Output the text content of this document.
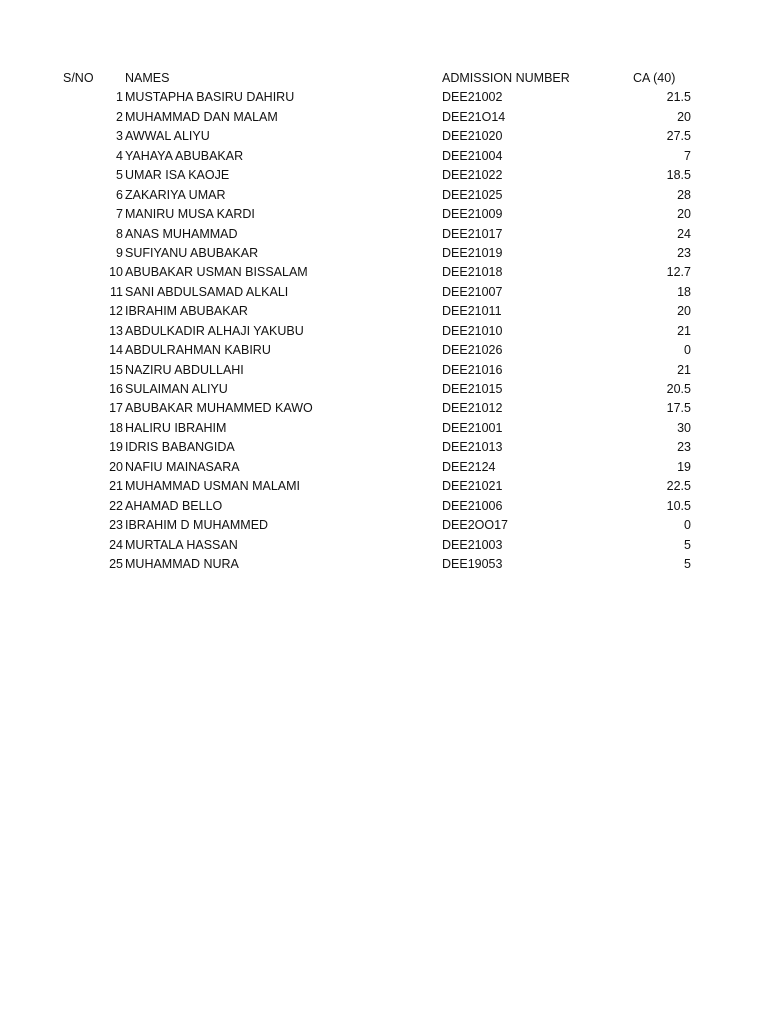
S/NO	NAMES	ADMISSION NUMBER	CA (40)
1 MUSTAPHA BASIRU DAHIRU	DEE21002	21.5
2 MUHAMMAD DAN MALAM	DEE21O14	20
3 AWWAL ALIYU	DEE21020	27.5
4 YAHAYA ABUBAKAR	DEE21004	7
5 UMAR ISA KAOJE	DEE21022	18.5
6 ZAKARIYA UMAR	DEE21025	28
7 MANIRU MUSA KARDI	DEE21009	20
8 ANAS MUHAMMAD	DEE21017	24
9 SUFIYANU ABUBAKAR	DEE21019	23
10 ABUBAKAR USMAN BISSALAM	DEE21018	12.7
11 SANI ABDULSAMAD ALKALI	DEE21007	18
12 IBRAHIM ABUBAKAR	DEE21011	20
13 ABDULKADIR ALHAJI YAKUBU	DEE21010	21
14 ABDULRAHMAN KABIRU	DEE21026	0
15 NAZIRU ABDULLAHI	DEE21016	21
16 SULAIMAN ALIYU	DEE21015	20.5
17 ABUBAKAR MUHAMMED KAWO	DEE21012	17.5
18 HALIRU IBRAHIM	DEE21001	30
19 IDRIS BABANGIDA	DEE21013	23
20 NAFIU MAINASARA	DEE2124	19
21 MUHAMMAD USMAN MALAMI	DEE21021	22.5
22 AHAMAD BELLO	DEE21006	10.5
23 IBRAHIM D MUHAMMED	DEE2OO17	0
24 MURTALA HASSAN	DEE21003	5
25 MUHAMMAD NURA	DEE19053	5
